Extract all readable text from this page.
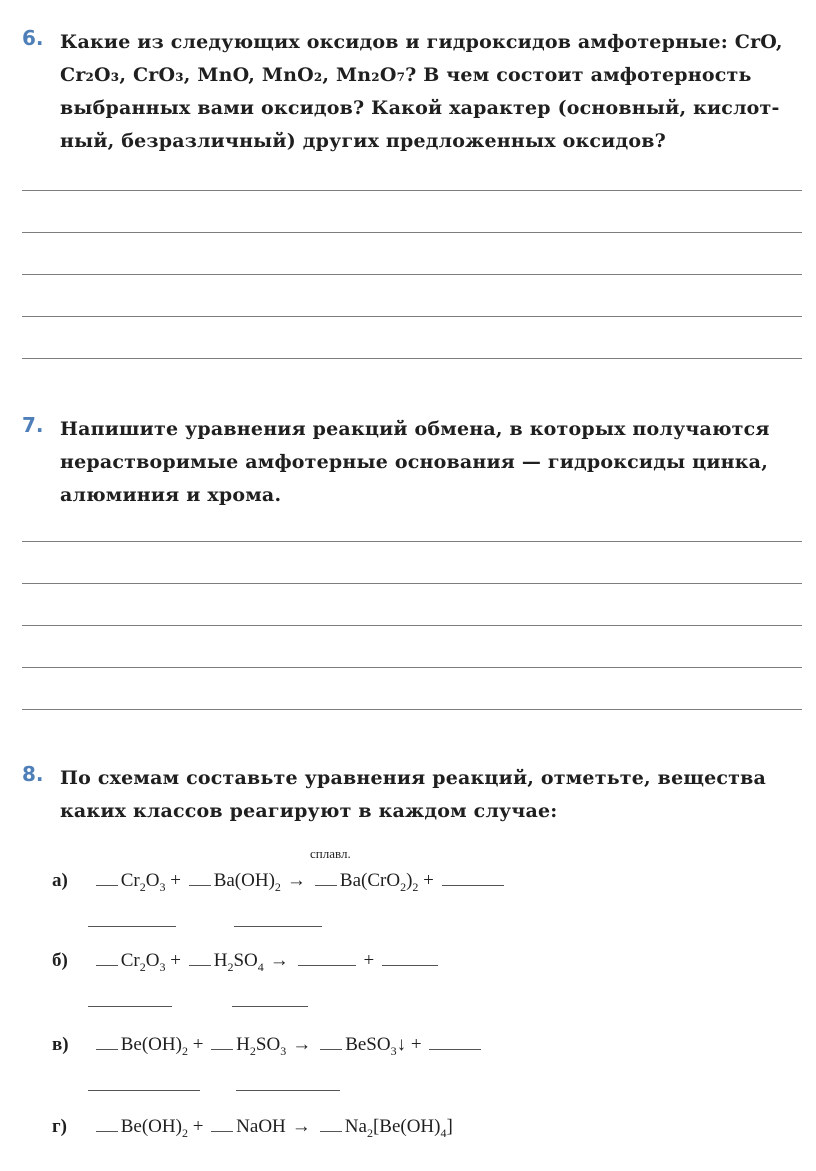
6. Какие из следующих оксидов и гидроксидов амфотерные: CrO,
Cr₂O₃, CrO₃, MnO, MnO₂, Mn₂O₇? В чем состоит амфотерность
выбранных вами оксидов? Какой характер (основный, кислот-
ный, безразличный) других предложенных оксидов?
7. Напишите уравнения реакций обмена, в которых получаются
нерастворимые амфотерные основания — гидроксиды цинка,
алюминия и хрома.
8. По схемам составьте уравнения реакций, отметьте, вещества
каких классов реагируют в каждом случае:
сплавл.
а)	$Cr_2O_3 + Ba(OH)_2 \to Ba(CrO_2)_2$ +
б)	$Cr_2O_3 + H_2SO_4$ →	+
в)	$Be(OH)_2 + H_2SO_3$ → BeSO$_3$↓ +
г)	$Be(OH)_2$ + NaOH → $Na_2[Be(OH)_4]$
